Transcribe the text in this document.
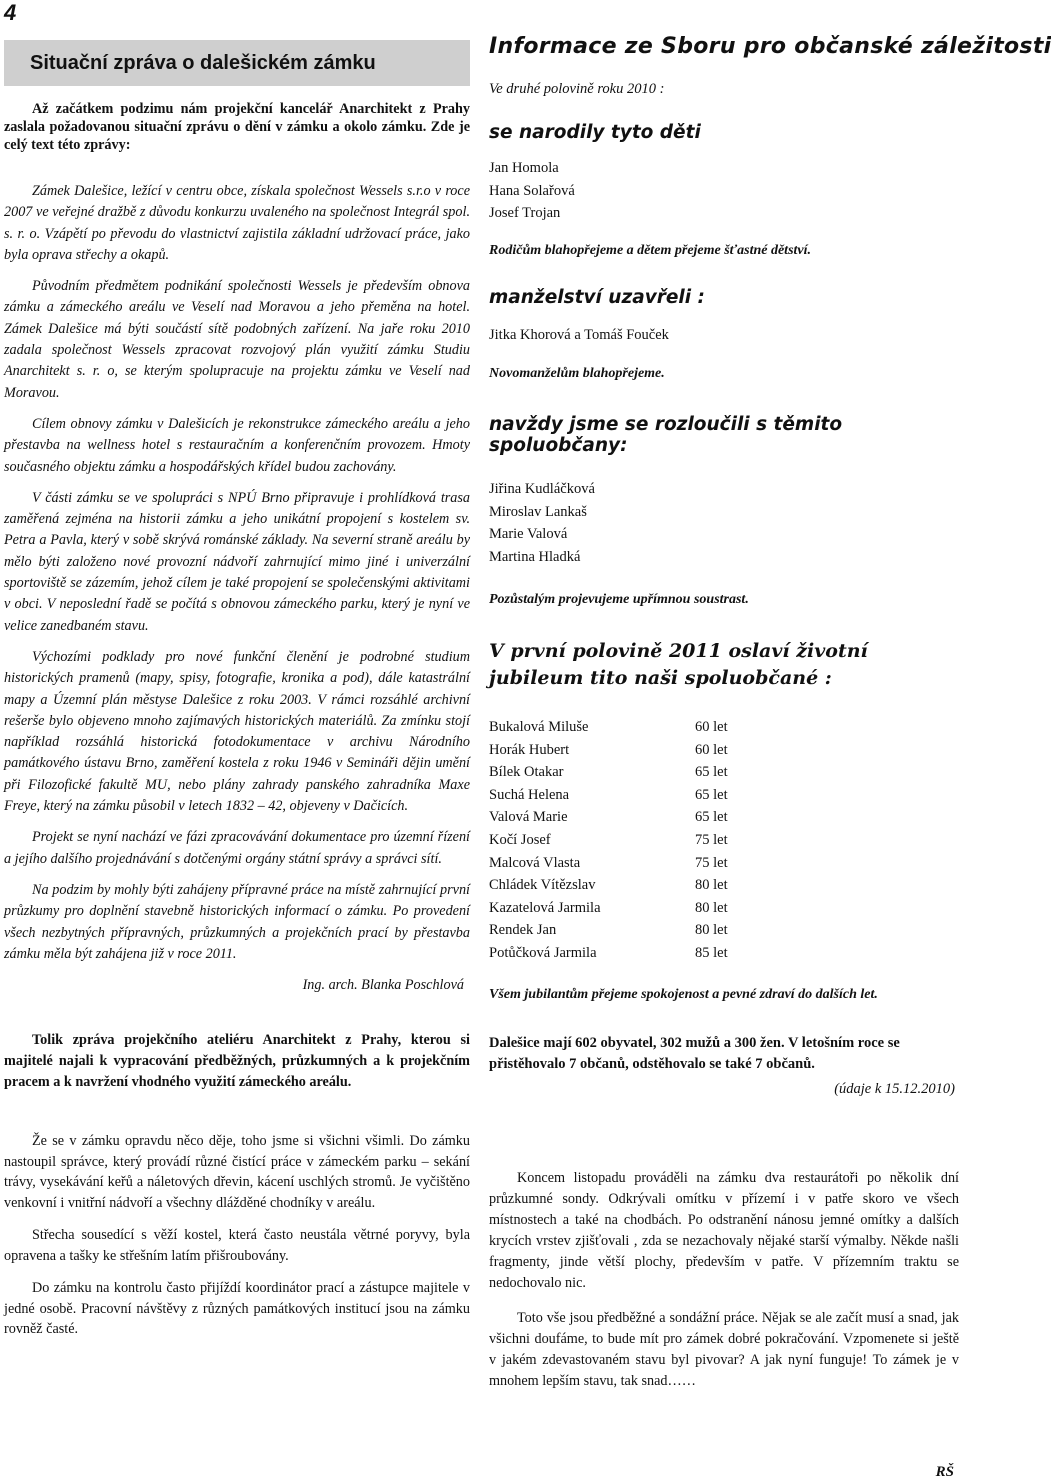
4
Situační zpráva o dalešickém zámku

Až začátkem podzimu nám projekční kancelář Anarchitekt z Prahy zaslala požadovanou situační zprávu o dění v zámku a okolo zámku. Zde je celý text této zprávy:

Zámek Dalešice, ležící v centru obce, získala společnost Wessels s.r.o v roce 2007 ve veřejné dražbě z důvodu konkurzu uvaleného na společnost Integrál spol. s. r. o. Vzápětí po převodu do vlastnictví zajistila základní udržovací práce, jako byla oprava střechy a okapů.

Původním předmětem podnikání společnosti Wessels je především obnova zámku a zámeckého areálu ve Veselí nad Moravou a jeho přeměna na hotel. Zámek Dalešice má býti součástí sítě podobných zařízení. Na jaře roku 2010 zadala společnost Wessels zpracovat rozvojový plán využití zámku Studiu Anarchitekt s. r. o, se kterým spolupracuje na projektu zámku ve Veselí nad Moravou.

Cílem obnovy zámku v Dalešicích je rekonstrukce zámeckého areálu a jeho přestavba na wellness hotel s restauračním a konferenčním provozem. Hmoty současného objektu zámku a hospodářských křídel budou zachovány.

V části zámku se ve spolupráci s NPÚ Brno připravuje i prohlídková trasa zaměřená zejména na historii zámku a jeho unikátní propojení s kostelem sv. Petra a Pavla, který v sobě skrývá románské základy. Na severní straně areálu by mělo býti založeno nové provozní nádvoří zahrnující mimo jiné i univerzální sportoviště se zázemím, jehož cílem je také propojení se společenskými aktivitami v obci. V neposlední řadě se počítá s obnovou zámeckého parku, který je nyní ve velice zanedbaném stavu.

Výchozími podklady pro nové funkční členění je podrobné studium historických pramenů (mapy, spisy, fotografie, kronika a pod), dále katastrální mapy a Územní plán městyse Dalešice z roku 2003. V rámci rozsáhlé archivní rešerše bylo objeveno mnoho zajímavých historických materiálů. Za zmínku stojí například rozsáhlá historická fotodokumentace v archivu Národního památkového ústavu Brno, zaměření kostela z roku 1946 v Semináři dějin umění při Filozofické fakultě MU, nebo plány zahrady panského zahradníka Maxe Freye, který na zámku působil v letech 1832 – 42, objeveny v Dačicích.

Projekt se nyní nachází ve fázi zpracovávání dokumentace pro územní řízení a jejího dalšího projednávání s dotčenými orgány státní správy a správci sítí.

Na podzim by mohly býti zahájeny přípravné práce na místě zahrnující první průzkumy pro doplnění stavebně historických informací o zámku. Po provedení všech nezbytných přípravných, průzkumných a projekčních prací by přestavba zámku měla být zahájena již v roce 2011.

Ing. arch. Blanka Poschlová

Tolik zpráva projekčního ateliéru Anarchitekt z Prahy, kterou si majitelé najali k vypracování předběžných, průzkumných a k projekčním pracem a k navržení vhodného využití zámeckého areálu.

Že se v zámku opravdu něco děje, toho jsme si všichni všimli. Do zámku nastoupil správce, který provádí různé čistící práce v zámeckém parku – sekání trávy, vysekávání keřů a náletových dřevin, kácení uschlých stromů. Je vyčištěno venkovní i vnitřní nádvoří a všechny dlážděné chodníky v areálu.

Střecha sousedící s věží kostel, která často neustála větrné poryvy, byla opravena a tašky ke střešním latím přišroubovány.

Do zámku na kontrolu často přijíždí koordinátor prací a zástupce majitele v jedné osobě. Pracovní návštěvy z různých památkových institucí jsou na zámku rovněž časté.

Informace ze Sboru pro občanské záležitosti
Ve druhé polovině roku 2010 :
se narodily tyto děti
Jan Homola
Hana Solařová
Josef Trojan
Rodičům blahopřejeme a dětem přejeme šťastné dětství.
manželství uzavřeli :
Jitka Khorová a Tomáš Fouček
Novomanželům blahopřejeme.
navždy jsme se rozloučili s těmito spoluobčany:
Jiřina Kudláčková
Miroslav Lankaš
Marie Valová
Martina Hladká
Pozůstalým projevujeme upřímnou soustrast.
V první polovině 2011 oslaví životní jubileum tito naši spoluobčané :
Bukalová Miluše	60 let
Horák Hubert	60 let
Bílek Otakar	65 let
Suchá Helena	65 let
Valová Marie	65 let
Kočí Josef	75 let
Malcová Vlasta	75 let
Chládek Vítězslav	80 let
Kazatelová Jarmila	80 let
Rendek Jan	80 let
Potůčková Jarmila	85 let
Všem jubilantům přejeme spokojenost a pevné zdraví do dalších let.
Dalešice mají 602 obyvatel, 302 mužů a 300 žen. V letošním roce se přistěhovalo 7 občanů, odstěhovalo se také 7 občanů.
(údaje k 15.12.2010)

Koncem listopadu prováděli na zámku dva restaurátoři po několik dní průzkumné sondy. Odkrývali omítku v přízemí i v patře skoro ve všech místnostech a také na chodbách. Po odstranění nánosu jemné omítky a dalších krycích vrstev zjišťovali , zda se nezachovaly nějaké starší výmalby. Někde našli fragmenty, jinde větší plochy, především v patře. V přízemním traktu se nedochovalo nic.

Toto vše jsou předběžné a sondážní práce. Nějak se ale začít musí a snad, jak všichni doufáme, to bude mít pro zámek dobré pokračování. Vzpomenete si ještě v jakém zdevastovaném stavu byl pivovar? A jak nyní funguje! To zámek je v mnohem lepším stavu, tak snad……

RŠ
